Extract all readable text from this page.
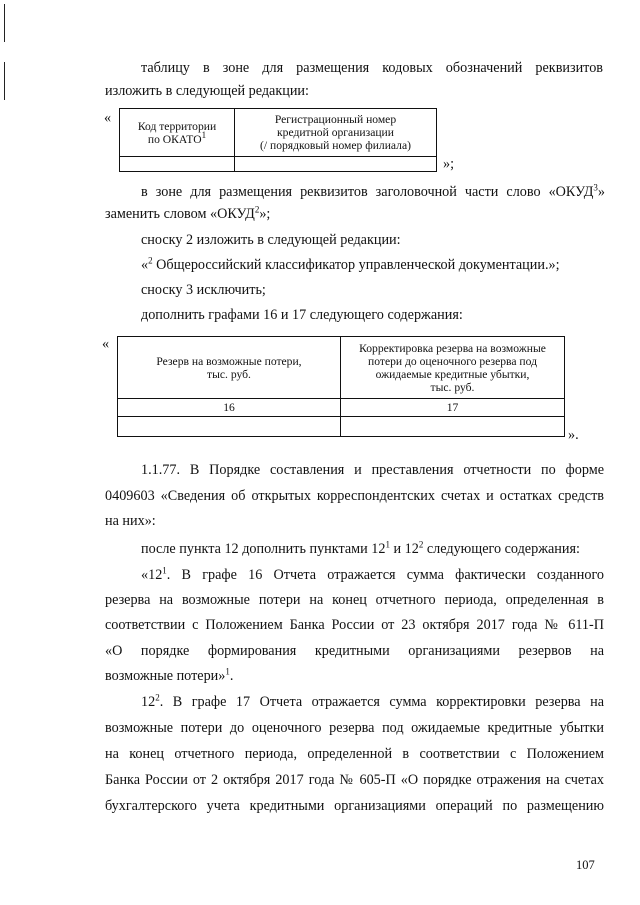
таблицу в зоне для размещения кодовых обозначений реквизитов
изложить в следующей редакции:
« Код территории
по ОКАТО$^1$	Регистрационный номер
кредитной организации
(/ порядковый номер филиала)

»;
в зоне для размещения реквизитов заголовочной части слово «ОКУД$^3$»
заменить словом «ОКУД$^2$»;
сноску 2 изложить в следующей редакции:
«$^2$ Общероссийский классификатор управленческой документации.»;
сноску 3 исключить;
дополнить графами 16 и 17 следующего содержания:
«
Резерв на возможные потери,
тыс. руб.	Корректировка резерва на возможные
потери до оценочного резерва под
ожидаемые кредитные убытки,
тыс. руб.
16	17

».
1.1.77. В Порядке составления и преставления отчетности по форме
0409603 «Сведения об открытых корреспондентских счетах и остатках средств
на них»:
после пункта 12 дополнить пунктами $12^1$ и $12^2$ следующего содержания:
«$12^1$. В графе 16 Отчета отражается сумма фактически созданного
резерва на возможные потери на конец отчетного периода, определенная в
соответствии с Положением Банка России от 23 октября 2017 года № 611-П
«О порядке формирования кредитными организациями резервов на
возможные потери»$^1$.
$12^2$. В графе 17 Отчета отражается сумма корректировки резерва на
возможные потери до оценочного резерва под ожидаемые кредитные убытки
на конец отчетного периода, определенной в соответствии с Положением
Банка России от 2 октября 2017 года № 605-П «О порядке отражения на счетах
бухгалтерского учета кредитными организациями операций по размещению
107
